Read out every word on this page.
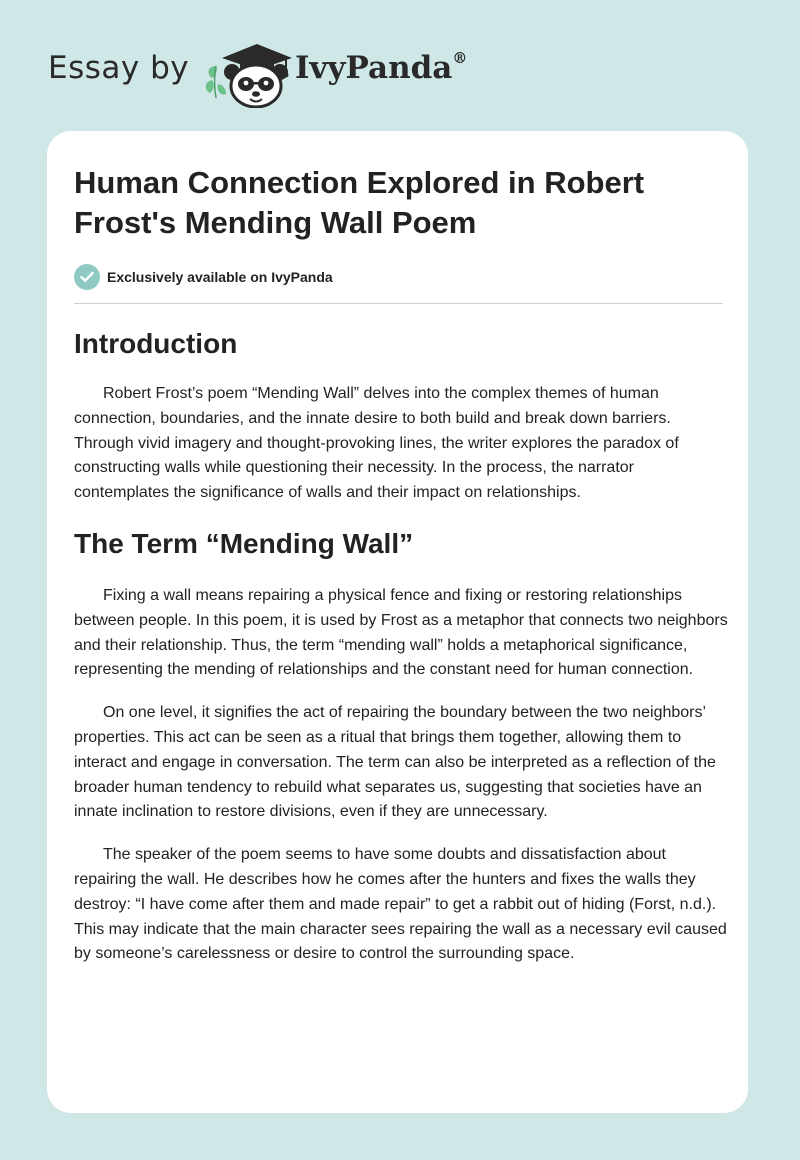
Essay by	IvyPanda®
Human Connection Explored in Robert Frost's Mending Wall Poem
Exclusively available on IvyPanda
Introduction

Robert Frost’s poem “Mending Wall” delves into the complex themes of human connection, boundaries, and the innate desire to both build and break down barriers. Through vivid imagery and thought-provoking lines, the writer explores the paradox of constructing walls while questioning their necessity. In the process, the narrator contemplates the significance of walls and their impact on relationships.

The Term “Mending Wall”

Fixing a wall means repairing a physical fence and fixing or restoring relationships between people. In this poem, it is used by Frost as a metaphor that connects two neighbors and their relationship. Thus, the term “mending wall” holds a metaphorical significance, representing the mending of relationships and the constant need for human connection.

On one level, it signifies the act of repairing the boundary between the two neighbors’ properties. This act can be seen as a ritual that brings them together, allowing them to interact and engage in conversation. The term can also be interpreted as a reflection of the broader human tendency to rebuild what separates us, suggesting that societies have an innate inclination to restore divisions, even if they are unnecessary.

The speaker of the poem seems to have some doubts and dissatisfaction about repairing the wall. He describes how he comes after the hunters and fixes the walls they destroy: “I have come after them and made repair” to get a rabbit out of hiding (Forst, n.d.). This may indicate that the main character sees repairing the wall as a necessary evil caused by someone’s carelessness or desire to control the surrounding space.
